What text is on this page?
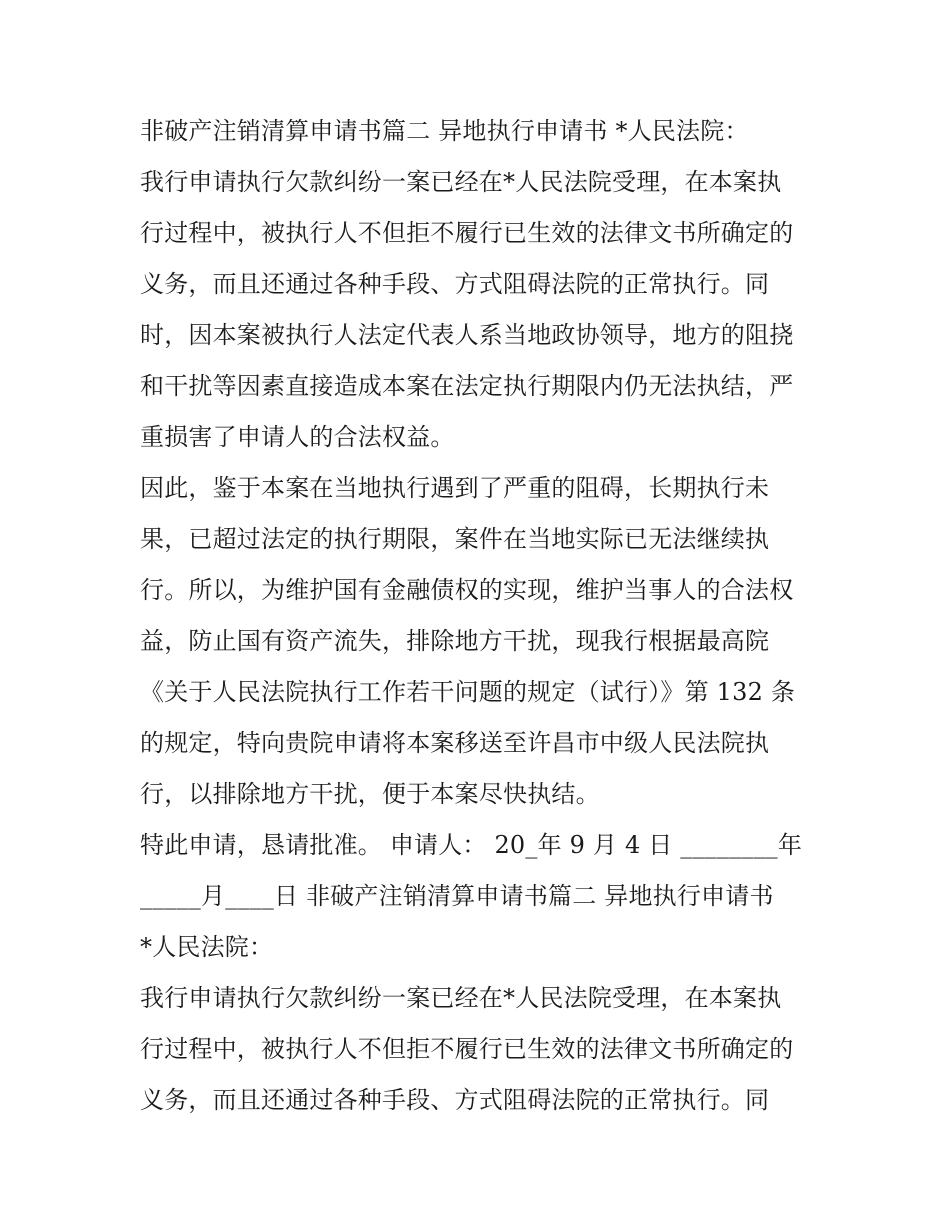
非破产注销清算申请书篇二 异地执行申请书 *人民法院：
我行申请执行欠款纠纷一案已经在*人民法院受理，在本案执
行过程中，被执行人不但拒不履行已生效的法律文书所确定的
义务，而且还通过各种手段、方式阻碍法院的正常执行。同
时，因本案被执行人法定代表人系当地政协领导，地方的阻挠
和干扰等因素直接造成本案在法定执行期限内仍无法执结，严
重损害了申请人的合法权益。
因此，鉴于本案在当地执行遇到了严重的阻碍，长期执行未
果，已超过法定的执行期限，案件在当地实际已无法继续执
行。所以，为维护国有金融债权的实现，维护当事人的合法权
益，防止国有资产流失，排除地方干扰，现我行根据最高院
《关于人民法院执行工作若干问题的规定（试行）》第 132 条
的规定，特向贵院申请将本案移送至许昌市中级人民法院执
行，以排除地方干扰，便于本案尽快执结。
特此申请，恳请批准。 申请人： 20_年 9 月 4 日 ________年
_____月____日 非破产注销清算申请书篇二 异地执行申请书
*人民法院：
我行申请执行欠款纠纷一案已经在*人民法院受理，在本案执
行过程中，被执行人不但拒不履行已生效的法律文书所确定的
义务，而且还通过各种手段、方式阻碍法院的正常执行。同
